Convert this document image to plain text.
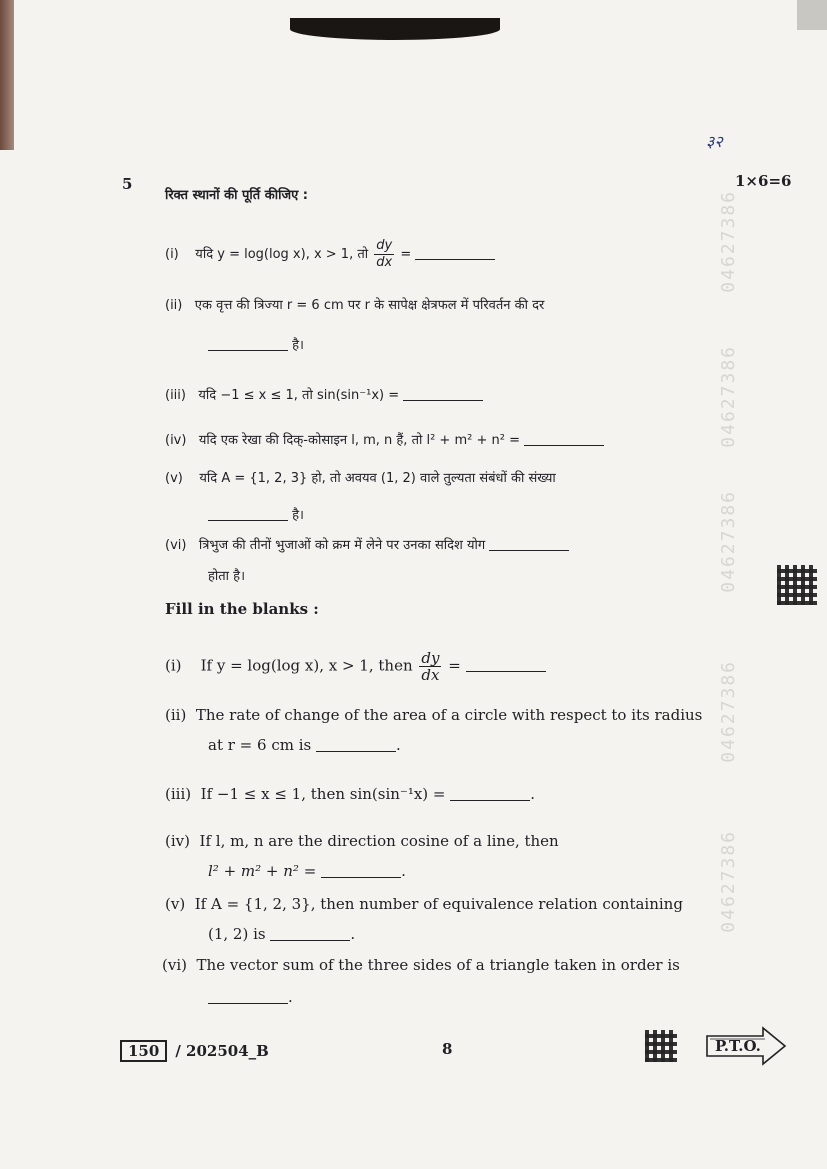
04627386
04627386
04627386
04627386
04627386
३२
5	1×6=6
रिक्त स्थानों की पूर्ति कीजिए :
(i) यदि y = log(log x), x > 1, तो $\frac{dy}{dx}$ =
(ii) एक वृत्त की त्रिज्या r = 6 cm पर r के सापेक्ष क्षेत्रफल में परिवर्तन की दर
है।
(iii) यदि −1 ≤ x ≤ 1, तो sin(sin⁻¹x) =
(iv) यदि एक रेखा की दिक्-कोसाइन l, m, n हैं, तो l² + m² + n² =
(v) यदि A = {1, 2, 3} हो, तो अवयव (1, 2) वाले तुल्यता संबंधों की संख्या
है।
(vi) त्रिभुज की तीनों भुजाओं को क्रम में लेने पर उनका सदिश योग
होता है।
Fill in the blanks :
(i) If y = log(log x), x > 1, then $\frac{dy}{dx}$ =
(ii) The rate of change of the area of a circle with respect to its radius
at r = 6 cm is	.
(iii) If −1 ≤ x ≤ 1, then sin(sin⁻¹x) =	.
(iv) If l, m, n are the direction cosine of a line, then
l² + m² + n² =	.
(v) If A = {1, 2, 3}, then number of equivalence relation containing
(1, 2) is	.
(vi) The vector sum of the three sides of a triangle taken in order is
.
150 / 202504_B	8	P.T.O.
